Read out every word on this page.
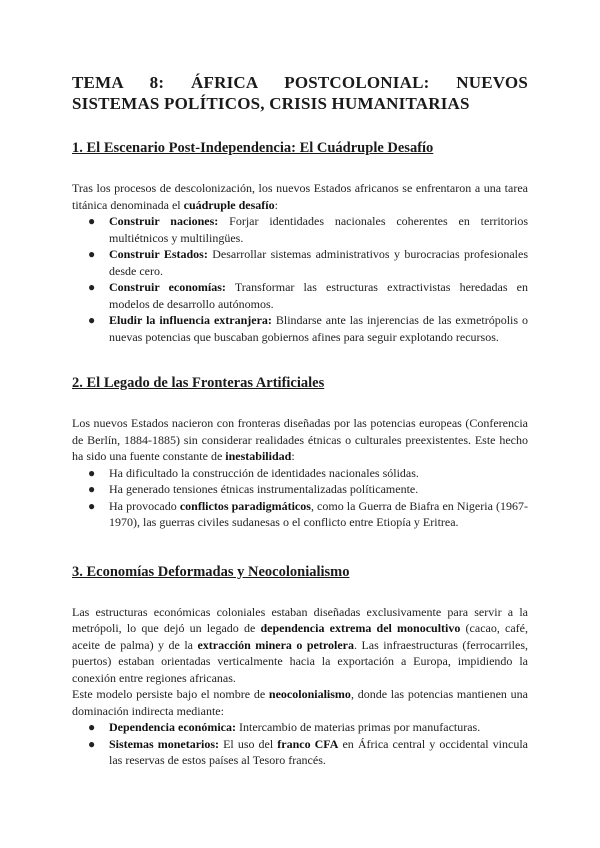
TEMA 8: ÁFRICA POSTCOLONIAL: NUEVOS SISTEMAS POLÍTICOS, CRISIS HUMANITARIAS
1. El Escenario Post-Independencia: El Cuádruple Desafío

Tras los procesos de descolonización, los nuevos Estados africanos se enfrentaron a una tarea titánica denominada el cuádruple desafío:

● Construir naciones: Forjar identidades nacionales coherentes en territorios multiétnicos y multilingües.
● Construir Estados: Desarrollar sistemas administrativos y burocracias profesionales desde cero.
● Construir economías: Transformar las estructuras extractivistas heredadas en modelos de desarrollo autónomos.
● Eludir la influencia extranjera: Blindarse ante las injerencias de las exmetrópolis o nuevas potencias que buscaban gobiernos afines para seguir explotando recursos.
2. El Legado de las Fronteras Artificiales

Los nuevos Estados nacieron con fronteras diseñadas por las potencias europeas (Conferencia de Berlín, 1884-1885) sin considerar realidades étnicas o culturales preexistentes. Este hecho ha sido una fuente constante de inestabilidad:

● Ha dificultado la construcción de identidades nacionales sólidas.
● Ha generado tensiones étnicas instrumentalizadas políticamente.
● Ha provocado conflictos paradigmáticos, como la Guerra de Biafra en Nigeria (1967-1970), las guerras civiles sudanesas o el conflicto entre Etiopía y Eritrea.
3. Economías Deformadas y Neocolonialismo

Las estructuras económicas coloniales estaban diseñadas exclusivamente para servir a la metrópoli, lo que dejó un legado de dependencia extrema del monocultivo (cacao, café, aceite de palma) y de la extracción minera o petrolera. Las infraestructuras (ferrocarriles, puertos) estaban orientadas verticalmente hacia la exportación a Europa, impidiendo la conexión entre regiones africanas.

Este modelo persiste bajo el nombre de neocolonialismo, donde las potencias mantienen una dominación indirecta mediante:

● Dependencia económica: Intercambio de materias primas por manufacturas.
● Sistemas monetarios: El uso del franco CFA en África central y occidental vincula las reservas de estos países al Tesoro francés.
